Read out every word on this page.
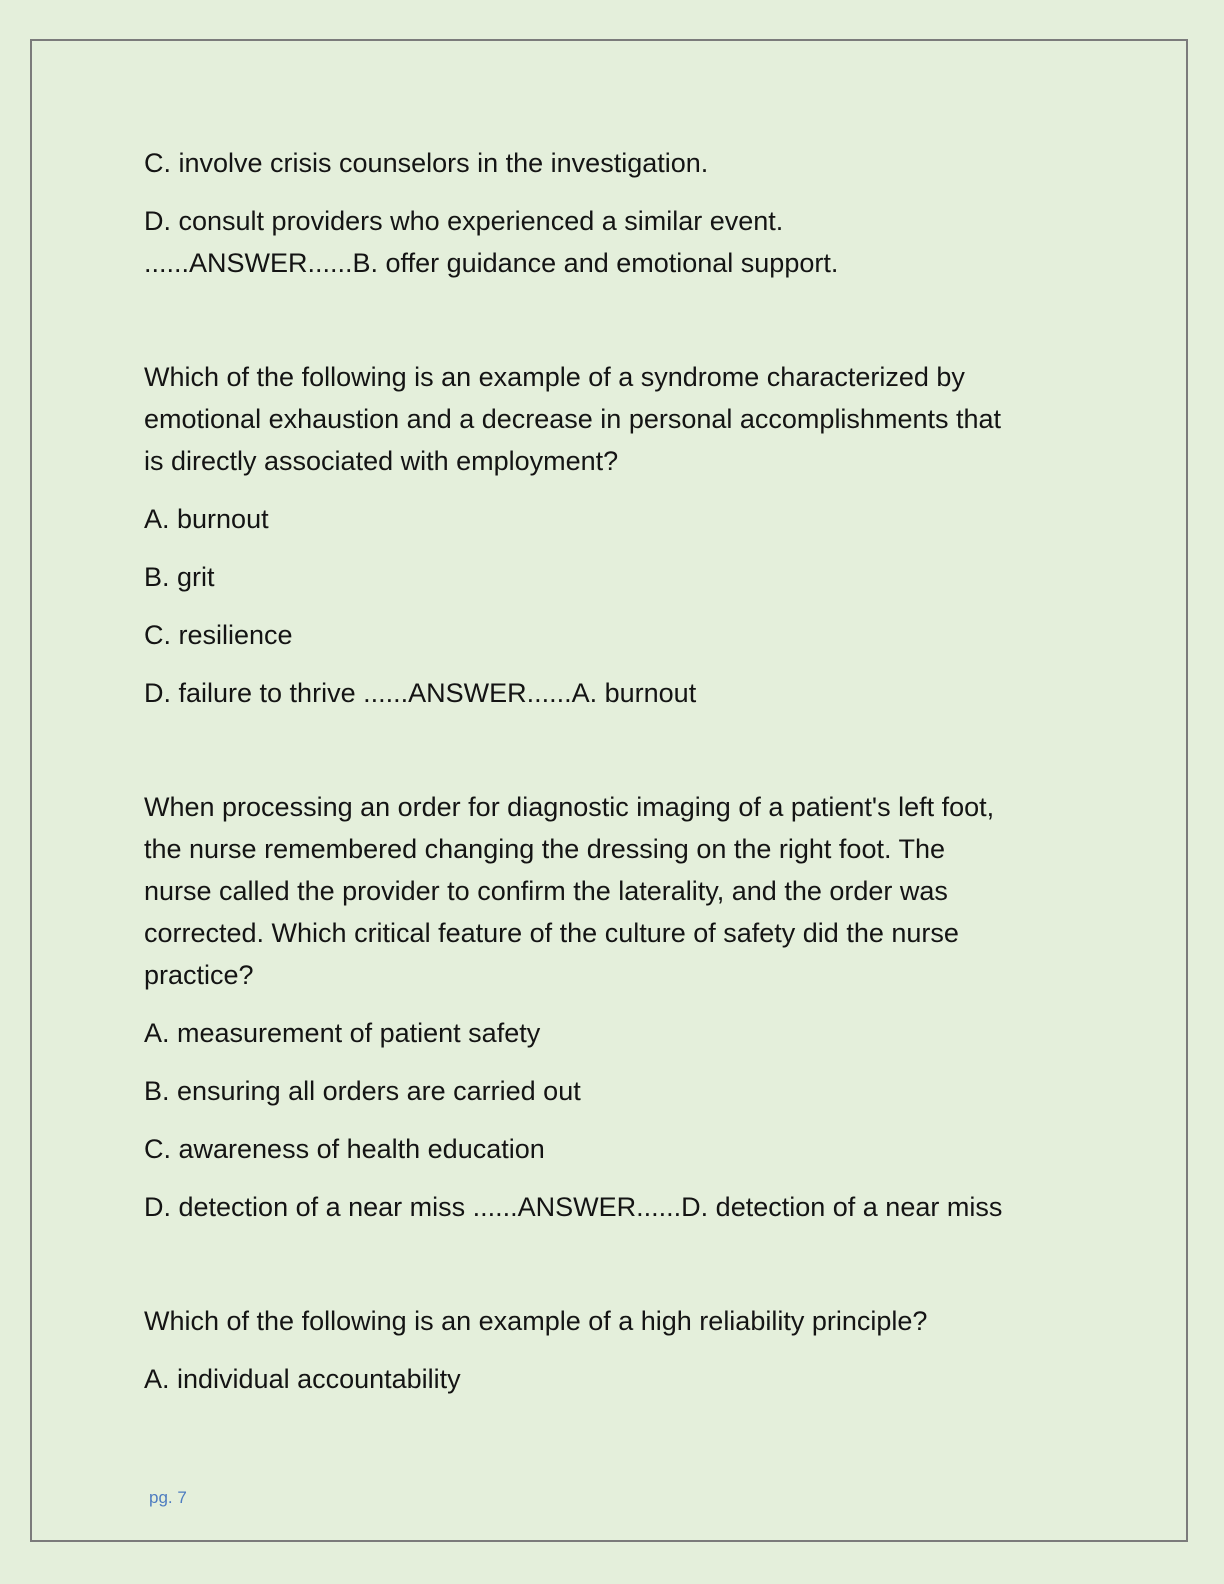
C. involve crisis counselors in the investigation.

D. consult providers who experienced a similar event.

......ANSWER......B. offer guidance and emotional support.

Which of the following is an example of a syndrome characterized by

emotional exhaustion and a decrease in personal accomplishments that

is directly associated with employment?

A. burnout

B. grit

C. resilience

D. failure to thrive ......ANSWER......A. burnout

When processing an order for diagnostic imaging of a patient's left foot,

the nurse remembered changing the dressing on the right foot. The

nurse called the provider to confirm the laterality, and the order was

corrected. Which critical feature of the culture of safety did the nurse

practice?

A. measurement of patient safety

B. ensuring all orders are carried out

C. awareness of health education

D. detection of a near miss ......ANSWER......D. detection of a near miss

Which of the following is an example of a high reliability principle?

A. individual accountability

pg. 7
